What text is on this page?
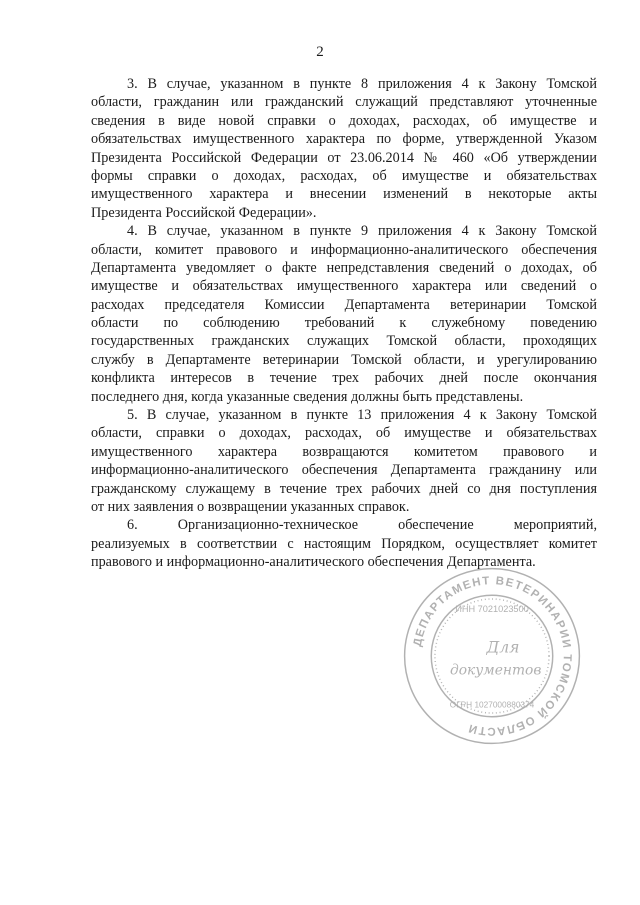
2

3. В случае, указанном в пункте 8 приложения 4 к Закону Томской
области, гражданин или гражданский служащий представляют уточненные
сведения в виде новой справки о доходах, расходах, об имуществе и
обязательствах имущественного характера по форме, утвержденной Указом
Президента Российской Федерации от 23.06.2014 № 460 «Об утверждении
формы справки о доходах, расходах, об имуществе и обязательствах
имущественного характера и внесении изменений в некоторые акты
Президента Российской Федерации».

4. В случае, указанном в пункте 9 приложения 4 к Закону Томской
области, комитет правового и информационно-аналитического обеспечения
Департамента уведомляет о факте непредставления сведений о доходах, об
имуществе и обязательствах имущественного характера или сведений о
расходах председателя Комиссии Департамента ветеринарии Томской
области по соблюдению требований к служебному поведению
государственных гражданских служащих Томской области, проходящих
службу в Департаменте ветеринарии Томской области, и урегулированию
конфликта интересов в течение трех рабочих дней после окончания
последнего дня, когда указанные сведения должны быть представлены.

5. В случае, указанном в пункте 13 приложения 4 к Закону Томской
области, справки о доходах, расходах, об имуществе и обязательствах
имущественного характера возвращаются комитетом правового и
информационно-аналитического обеспечения Департамента гражданину или
гражданскому служащему в течение трех рабочих дней со дня поступления
от них заявления о возвращении указанных справок.

6. Организационно-техническое обеспечение мероприятий,
реализуемых в соответствии с настоящим Порядком, осуществляет комитет
правового и информационно-аналитического обеспечения Департамента.

ДЕПАРТАМЕНТ ВЕТЕРИНАРИИ ТОМСКОЙ ОБЛАСТИ
ИНН 7021023500
ОГРН 1027000880374
Для
документов
